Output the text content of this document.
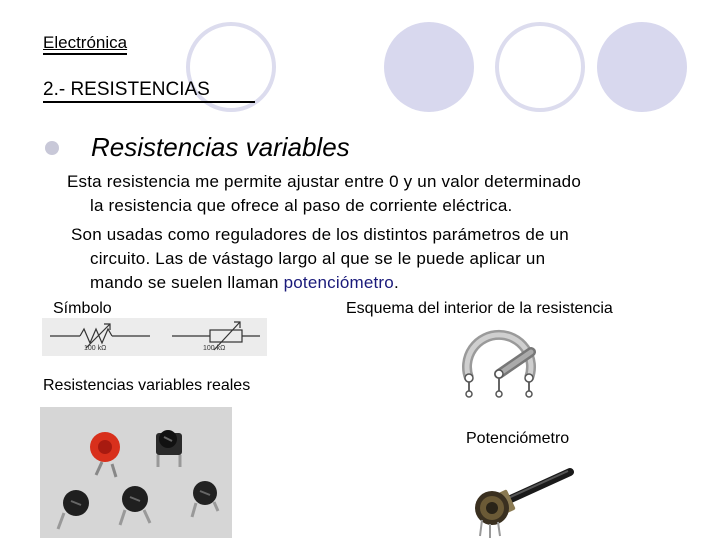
Electrónica
2.- RESISTENCIAS
Resistencias variables
Esta resistencia me permite ajustar entre 0 y un valor determinado
la resistencia que ofrece al paso de corriente eléctrica.
Son usadas como reguladores de los distintos parámetros de un
circuito. Las de vástago largo al que se le puede aplicar un
mando se suelen llaman potenciómetro.
Símbolo	Esquema del interior de la resistencia
Resistencias variables reales
Potenciómetro
100 kΩ	100 kΩ
